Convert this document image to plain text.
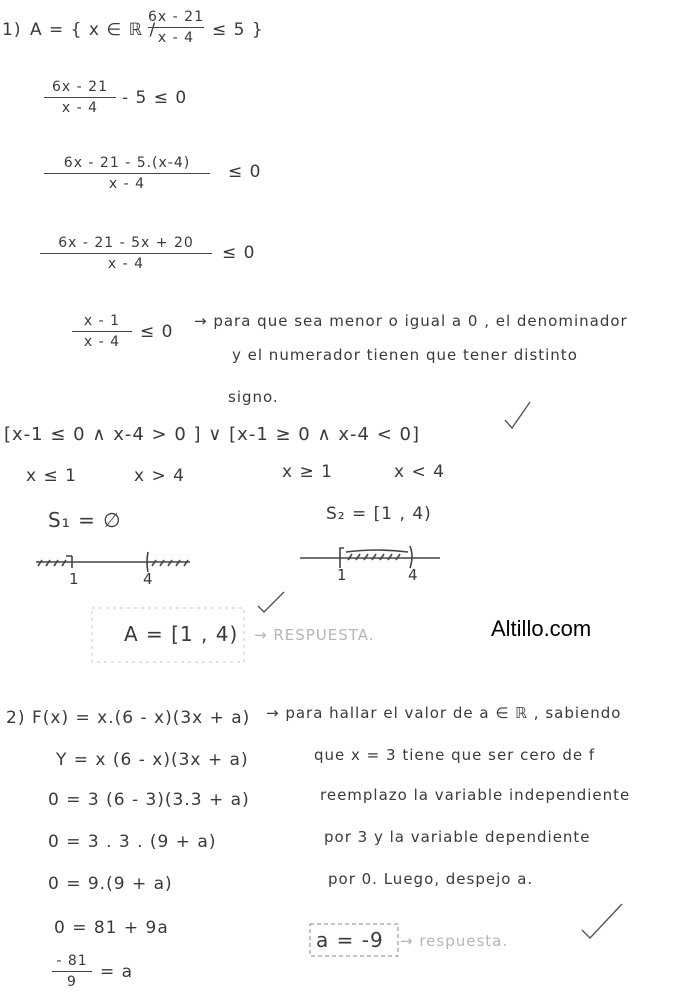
1) A = { x ∈ ℝ /
6x - 21
x - 4	≤ 5 }
6x - 21
x - 4	- 5 ≤ 0
6x - 21 - 5.(x-4)
x - 4
≤ 0
6x - 21 - 5x + 20
x - 4
≤ 0
x - 1
x - 4	≤ 0
→ para que sea menor o igual a 0 , el denominador
y el numerador tienen que tener distinto
signo.
[x-1 ≤ 0 ∧ x-4 > 0 ] ∨ [x-1 ≥ 0 ∧ x-4 < 0]
x ≤ 1	x > 4	x ≥ 1	x < 4
S₁ = ∅	S₂ = [1 , 4)
1	4	1	4
A = [1 , 4) → RESPUESTA.	Altillo.com
2) F(x) = x.(6 - x)(3x + a)
Y = x (6 - x)(3x + a)
0 = 3 (6 - 3)(3.3 + a)
0 = 3 . 3 . (9 + a)
0 = 9.(9 + a)
0 = 81 + 9a
- 81
9	= a
→ para hallar el valor de a ∈ ℝ , sabiendo
que x = 3 tiene que ser cero de f
reemplazo la variable independiente
por 3 y la variable dependiente
por 0. Luego, despejo a.
a = -9 → respuesta.
